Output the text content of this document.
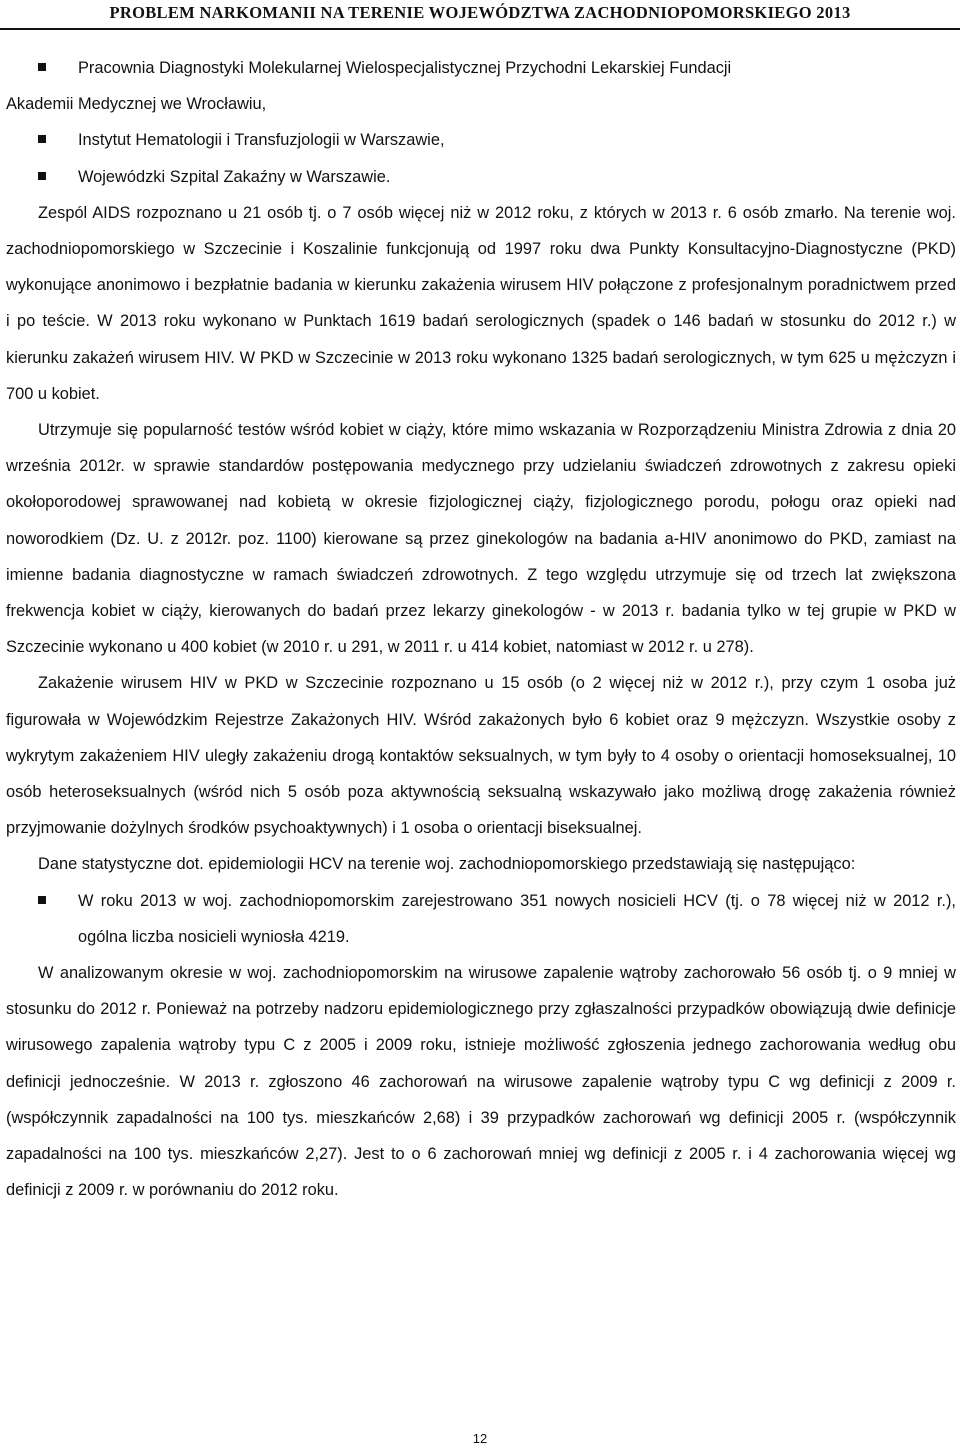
PROBLEM NARKOMANII NA TERENIE WOJEWÓDZTWA ZACHODNIOPOMORSKIEGO 2013
Pracownia Diagnostyki Molekularnej Wielospecjalistycznej Przychodni Lekarskiej Fundacji

Akademii Medycznej we Wrocławiu,

Instytut Hematologii i Transfuzjologii w Warszawie,
Wojewódzki Szpital Zakaźny w Warszawie.

Zespól AIDS rozpoznano u 21 osób tj. o 7 osób więcej niż w 2012 roku, z których w 2013 r. 6 osób zmarło. Na terenie woj. zachodniopomorskiego w Szczecinie i Koszalinie funkcjonują od 1997 roku dwa Punkty Konsultacyjno-Diagnostyczne (PKD) wykonujące anonimowo i bezpłatnie badania w kierunku zakażenia wirusem HIV połączone z profesjonalnym poradnictwem przed i po teście. W 2013 roku wykonano w Punktach 1619 badań serologicznych (spadek o 146 badań w stosunku do 2012 r.) w kierunku zakażeń wirusem HIV. W PKD w Szczecinie w 2013 roku wykonano 1325 badań serologicznych, w tym 625 u mężczyzn i 700 u kobiet.

Utrzymuje się popularność testów wśród kobiet w ciąży, które mimo wskazania w Rozporządzeniu Ministra Zdrowia z dnia 20 września 2012r. w sprawie standardów postępowania medycznego przy udzielaniu świadczeń zdrowotnych z zakresu opieki okołoporodowej sprawowanej nad kobietą w okresie fizjologicznej ciąży, fizjologicznego porodu, połogu oraz opieki nad noworodkiem (Dz. U. z 2012r. poz. 1100) kierowane są przez ginekologów na badania a-HIV anonimowo do PKD, zamiast na imienne badania diagnostyczne w ramach świadczeń zdrowotnych. Z tego względu utrzymuje się od trzech lat zwiększona frekwencja kobiet w ciąży, kierowanych do badań przez lekarzy ginekologów - w 2013 r. badania tylko w tej grupie w PKD w Szczecinie wykonano u 400 kobiet (w 2010 r. u 291, w 2011 r. u 414 kobiet, natomiast w 2012 r. u 278).

Zakażenie wirusem HIV w PKD w Szczecinie rozpoznano u 15 osób (o 2 więcej niż w 2012 r.), przy czym 1 osoba już figurowała w Wojewódzkim Rejestrze Zakażonych HIV. Wśród zakażonych było 6 kobiet oraz 9 mężczyzn. Wszystkie osoby z wykrytym zakażeniem HIV uległy zakażeniu drogą kontaktów seksualnych, w tym były to 4 osoby o orientacji homoseksualnej, 10 osób heteroseksualnych (wśród nich 5 osób poza aktywnością seksualną wskazywało jako możliwą drogę zakażenia również przyjmowanie dożylnych środków psychoaktywnych) i 1 osoba o orientacji biseksualnej.

Dane statystyczne dot. epidemiologii HCV na terenie woj. zachodniopomorskiego przedstawiają się następująco:

W roku 2013 w woj. zachodniopomorskim zarejestrowano 351 nowych nosicieli HCV (tj. o 78 więcej niż w 2012 r.), ogólna liczba nosicieli wyniosła 4219.

W analizowanym okresie w woj. zachodniopomorskim na wirusowe zapalenie wątroby zachorowało 56 osób tj. o 9 mniej w stosunku do 2012 r. Ponieważ na potrzeby nadzoru epidemiologicznego przy zgłaszalności przypadków obowiązują dwie definicje wirusowego zapalenia wątroby typu C z 2005 i 2009 roku, istnieje możliwość zgłoszenia jednego zachorowania według obu definicji jednocześnie. W 2013 r. zgłoszono 46 zachorowań na wirusowe zapalenie wątroby typu C wg definicji z 2009 r. (współczynnik zapadalności na 100 tys. mieszkańców 2,68) i 39 przypadków zachorowań wg definicji 2005 r. (współczynnik zapadalności na 100 tys. mieszkańców 2,27). Jest to o 6 zachorowań mniej wg definicji z 2005 r. i 4 zachorowania więcej wg definicji z 2009 r. w porównaniu do 2012 roku.

12
